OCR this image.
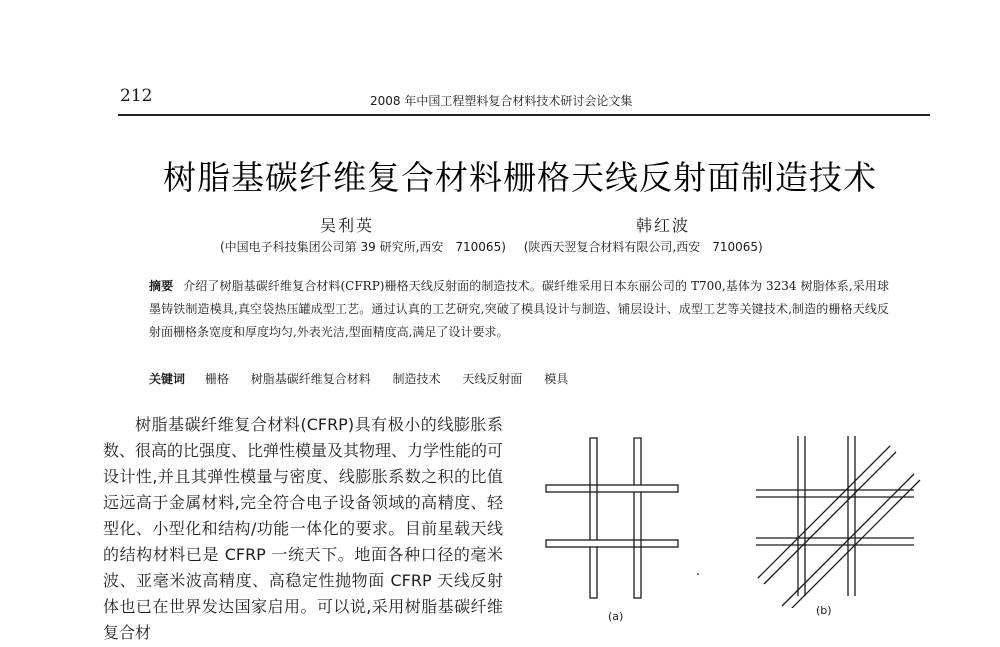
212	2008 年中国工程塑料复合材料技术研讨会论文集
树脂基碳纤维复合材料栅格天线反射面制造技术
吴利英	韩红波
(中国电子科技集团公司第 39 研究所,西安　710065) (陕西天翌复合材料有限公司,西安　710065)
摘要 介绍了树脂基碳纤维复合材料(CFRP)栅格天线反射面的制造技术。碳纤维采用日本东丽公司的 T700,基体为 3234 树脂体系,采用球墨铸铁制造模具,真空袋热压罐成型工艺。通过认真的工艺研究,突破了模具设计与制造、铺层设计、成型工艺等关键技术,制造的栅格天线反射面栅格条宽度和厚度均匀,外表光洁,型面精度高,满足了设计要求。
关键词 栅格 树脂基碳纤维复合材料 制造技术 天线反射面 模具
树脂基碳纤维复合材料(CFRP)具有极小的线膨胀系数、很高的比强度、比弹性模量及其物理、力学性能的可设计性,并且其弹性模量与密度、线膨胀系数之积的比值远远高于金属材料,完全符合电子设备领域的高精度、轻型化、小型化和结构/功能一体化的要求。目前星载天线的结构材料已是 CFRP 一统天下。地面各种口径的毫米波、亚毫米波高精度、高稳定性抛物面 CFRP 天线反射体也已在世界发达国家启用。可以说,采用树脂基碳纤维复合材
(a)	(b)
